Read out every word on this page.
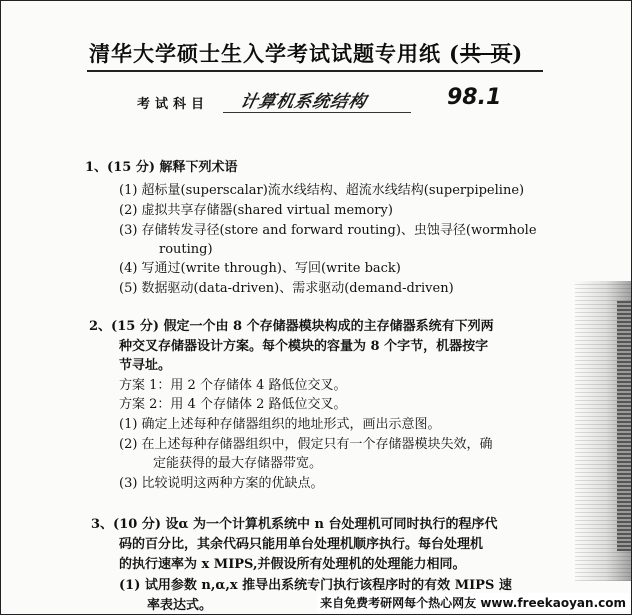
清华大学硕士生入学考试试题专用纸 (共 页)
考试科目 计算机系统结构	98.1
1、(15 分) 解释下列术语
(1) 超标量(superscalar)流水线结构、超流水线结构(superpipeline)
(2) 虚拟共享存储器(shared virtual memory)
(3) 存储转发寻径(store and forward routing)、虫蚀寻径(wormhole
routing)
(4) 写通过(write through)、写回(write back)
(5) 数据驱动(data-driven)、需求驱动(demand-driven)
2、(15 分) 假定一个由 8 个存储器模块构成的主存储器系统有下列两
种交叉存储器设计方案。每个模块的容量为 8 个字节，机器按字
节寻址。
方案 1：用 2 个存储体 4 路低位交叉。
方案 2：用 4 个存储体 2 路低位交叉。
(1) 确定上述每种存储器组织的地址形式，画出示意图。
(2) 在上述每种存储器组织中，假定只有一个存储器模块失效，确
定能获得的最大存储器带宽。
(3) 比较说明这两种方案的优缺点。
3、(10 分) 设α 为一个计算机系统中 n 台处理机可同时执行的程序代
码的百分比，其余代码只能用单台处理机顺序执行。每台处理机
的执行速率为 x MIPS,并假设所有处理机的处理能力相同。
(1) 试用参数 n,α,x 推导出系统专门执行该程序时的有效 MIPS 速
率表达式。	来自免费考研网每个热心网友 www.freekaoyan.com
